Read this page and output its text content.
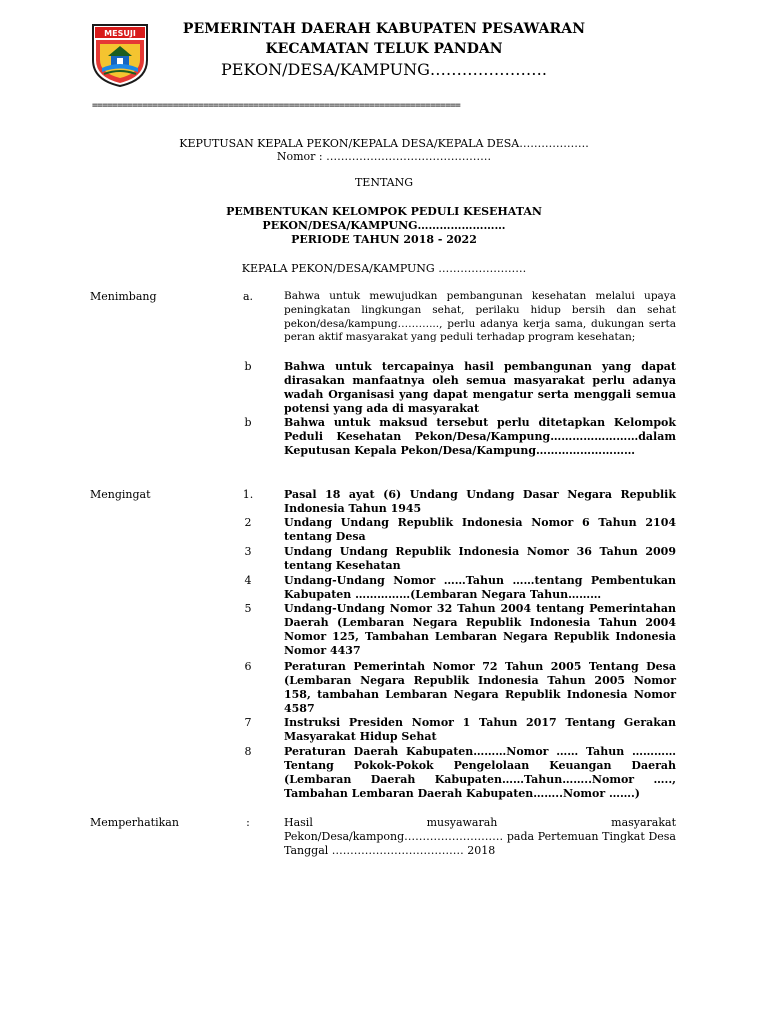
MESUJI	PEMERINTAH DAERAH KABUPATEN PESAWARAN
KECAMATAN TELUK PANDAN
PEKON/DESA/KAMPUNG………………….
=========================================================================
KEPUTUSAN KEPALA PEKON/KEPALA DESA/KEPALA DESA……………….
Nomor : ………………………………………
TENTANG
PEMBENTUKAN KELOMPOK PEDULI KESEHATAN
PEKON/DESA/KAMPUNG……………………
PERIODE TAHUN 2018 - 2022
KEPALA PEKON/DESA/KAMPUNG ……………………
Menimbang	a.	Bahwa untuk mewujudkan pembangunan kesehatan melalui upaya peningkatan lingkungan sehat, perilaku hidup bersih dan sehat pekon/desa/kampung………..., perlu adanya kerja sama, dukungan serta peran aktif masyarakat yang peduli terhadap program kesehatan;
b	Bahwa untuk tercapainya hasil pembangunan yang dapat dirasakan manfaatnya oleh semua masyarakat perlu adanya wadah Organisasi yang dapat mengatur serta menggali semua potensi yang ada di masyarakat
b	Bahwa untuk maksud tersebut perlu ditetapkan Kelompok Peduli Kesehatan Pekon/Desa/Kampung……………………dalam Keputusan Kepala Pekon/Desa/Kampung………………………
Mengingat	1.	Pasal 18 ayat (6) Undang Undang Dasar Negara Republik Indonesia Tahun 1945
2	Undang Undang Republik Indonesia Nomor 6 Tahun 2104 tentang Desa
3	Undang Undang Republik Indonesia Nomor 36 Tahun 2009 tentang Kesehatan
4	Undang-Undang Nomor ……Tahun ……tentang Pembentukan Kabupaten ……………(Lembaran Negara Tahun………
5	Undang-Undang Nomor 32 Tahun 2004 tentang Pemerintahan Daerah (Lembaran Negara Republik Indonesia Tahun 2004 Nomor 125, Tambahan Lembaran Negara Republik Indonesia Nomor 4437
6	Peraturan Pemerintah Nomor 72 Tahun 2005 Tentang Desa (Lembaran Negara Republik Indonesia Tahun 2005 Nomor 158, tambahan Lembaran Negara Republik Indonesia Nomor 4587
7	Instruksi Presiden Nomor 1 Tahun 2017 Tentang Gerakan Masyarakat Hidup Sehat
8	Peraturan Daerah Kabupaten………Nomor …… Tahun …………Tentang Pokok-Pokok Pengelolaan Keuangan Daerah (Lembaran Daerah Kabupaten……Tahun……..Nomor ….., Tambahan Lembaran Daerah Kabupaten……..Nomor …….)
Memperhatikan	:	Hasil musyawarah masyarakat Pekon/Desa/kampong……………………… pada Pertemuan Tingkat Desa Tanggal ……………………………… 2018
